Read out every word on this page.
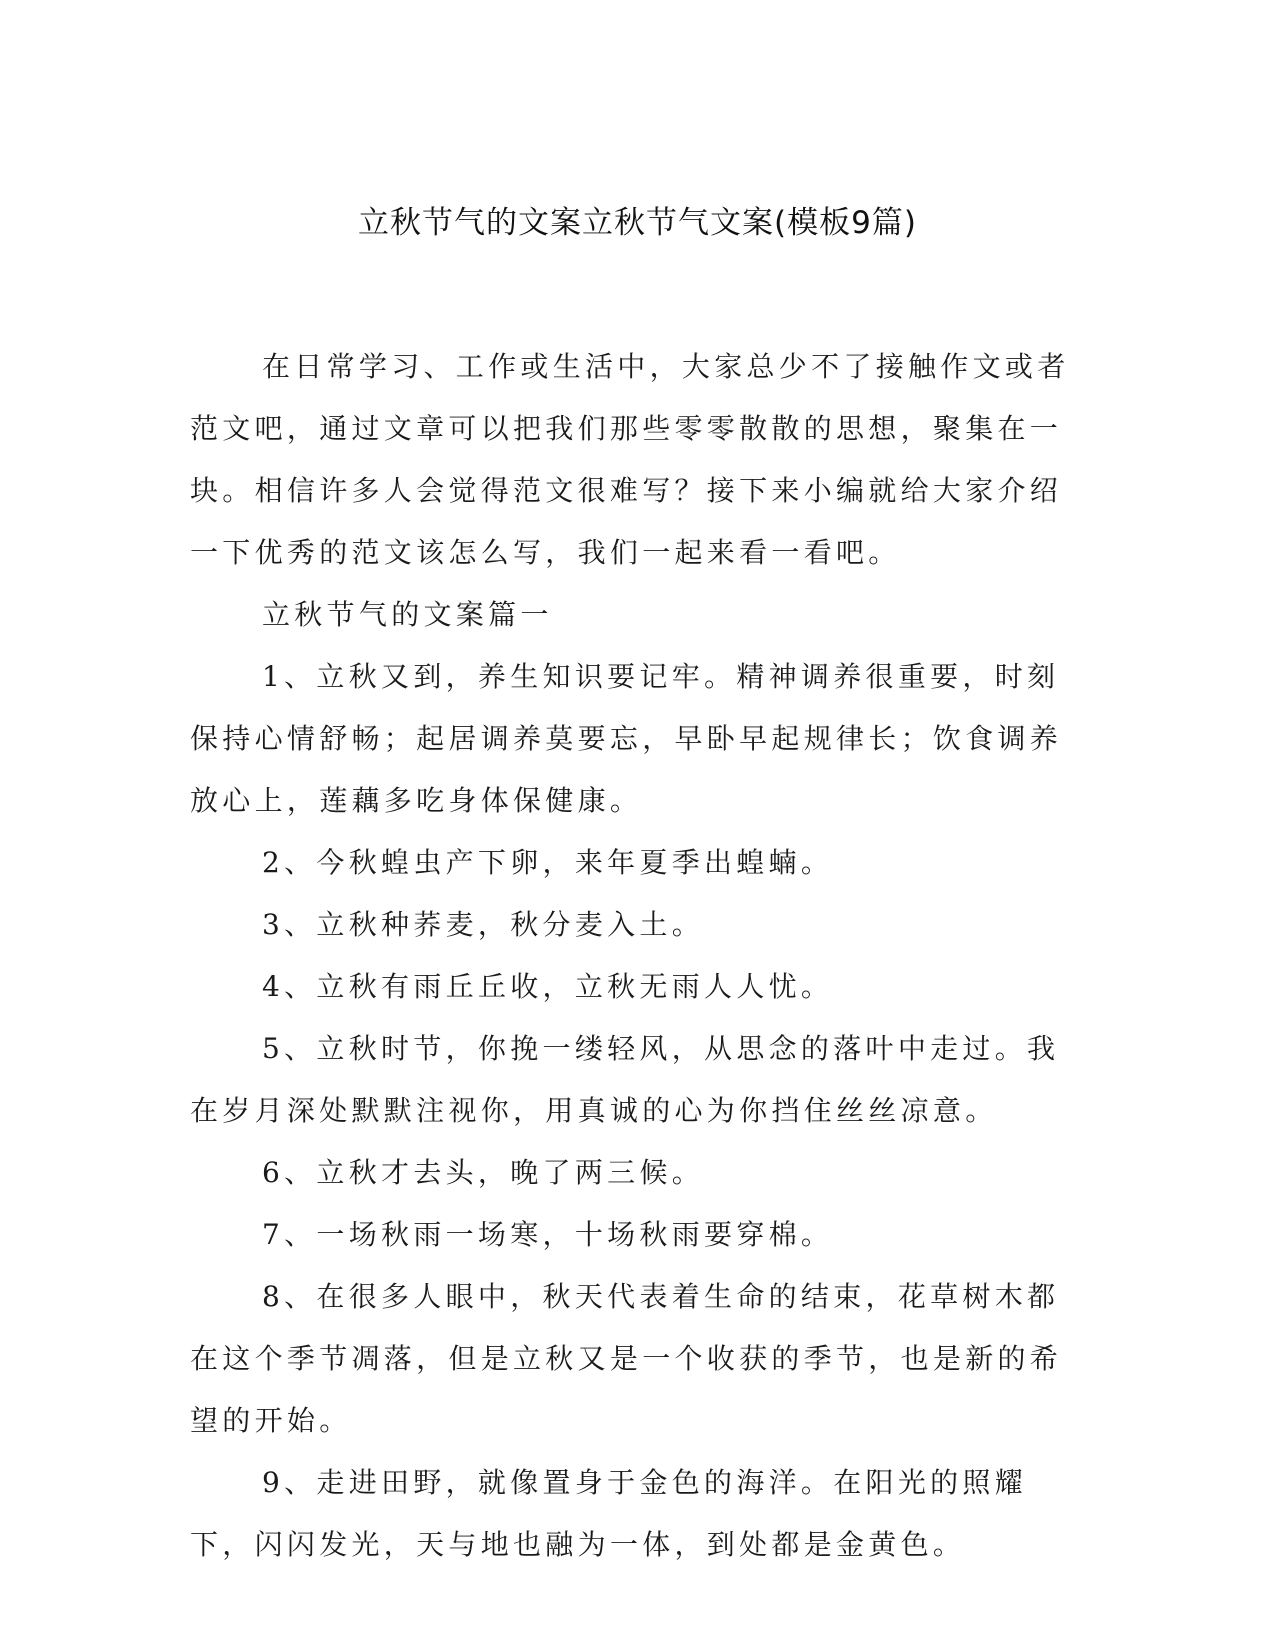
立秋节气的文案立秋节气文案(模板9篇)

在日常学习、工作或生活中，大家总少不了接触作文或者范文吧，通过文章可以把我们那些零零散散的思想，聚集在一块。相信许多人会觉得范文很难写？接下来小编就给大家介绍一下优秀的范文该怎么写，我们一起来看一看吧。

立秋节气的文案篇一

1、立秋又到，养生知识要记牢。精神调养很重要，时刻保持心情舒畅；起居调养莫要忘，早卧早起规律长；饮食调养放心上，莲藕多吃身体保健康。

2、今秋蝗虫产下卵，来年夏季出蝗蝻。

3、立秋种荞麦，秋分麦入土。

4、立秋有雨丘丘收，立秋无雨人人忧。

5、立秋时节，你挽一缕轻风，从思念的落叶中走过。我在岁月深处默默注视你，用真诚的心为你挡住丝丝凉意。

6、立秋才去头，晚了两三候。

7、一场秋雨一场寒，十场秋雨要穿棉。

8、在很多人眼中，秋天代表着生命的结束，花草树木都在这个季节凋落，但是立秋又是一个收获的季节，也是新的希望的开始。

9、走进田野，就像置身于金色的海洋。在阳光的照耀下，闪闪发光，天与地也融为一体，到处都是金黄色。
